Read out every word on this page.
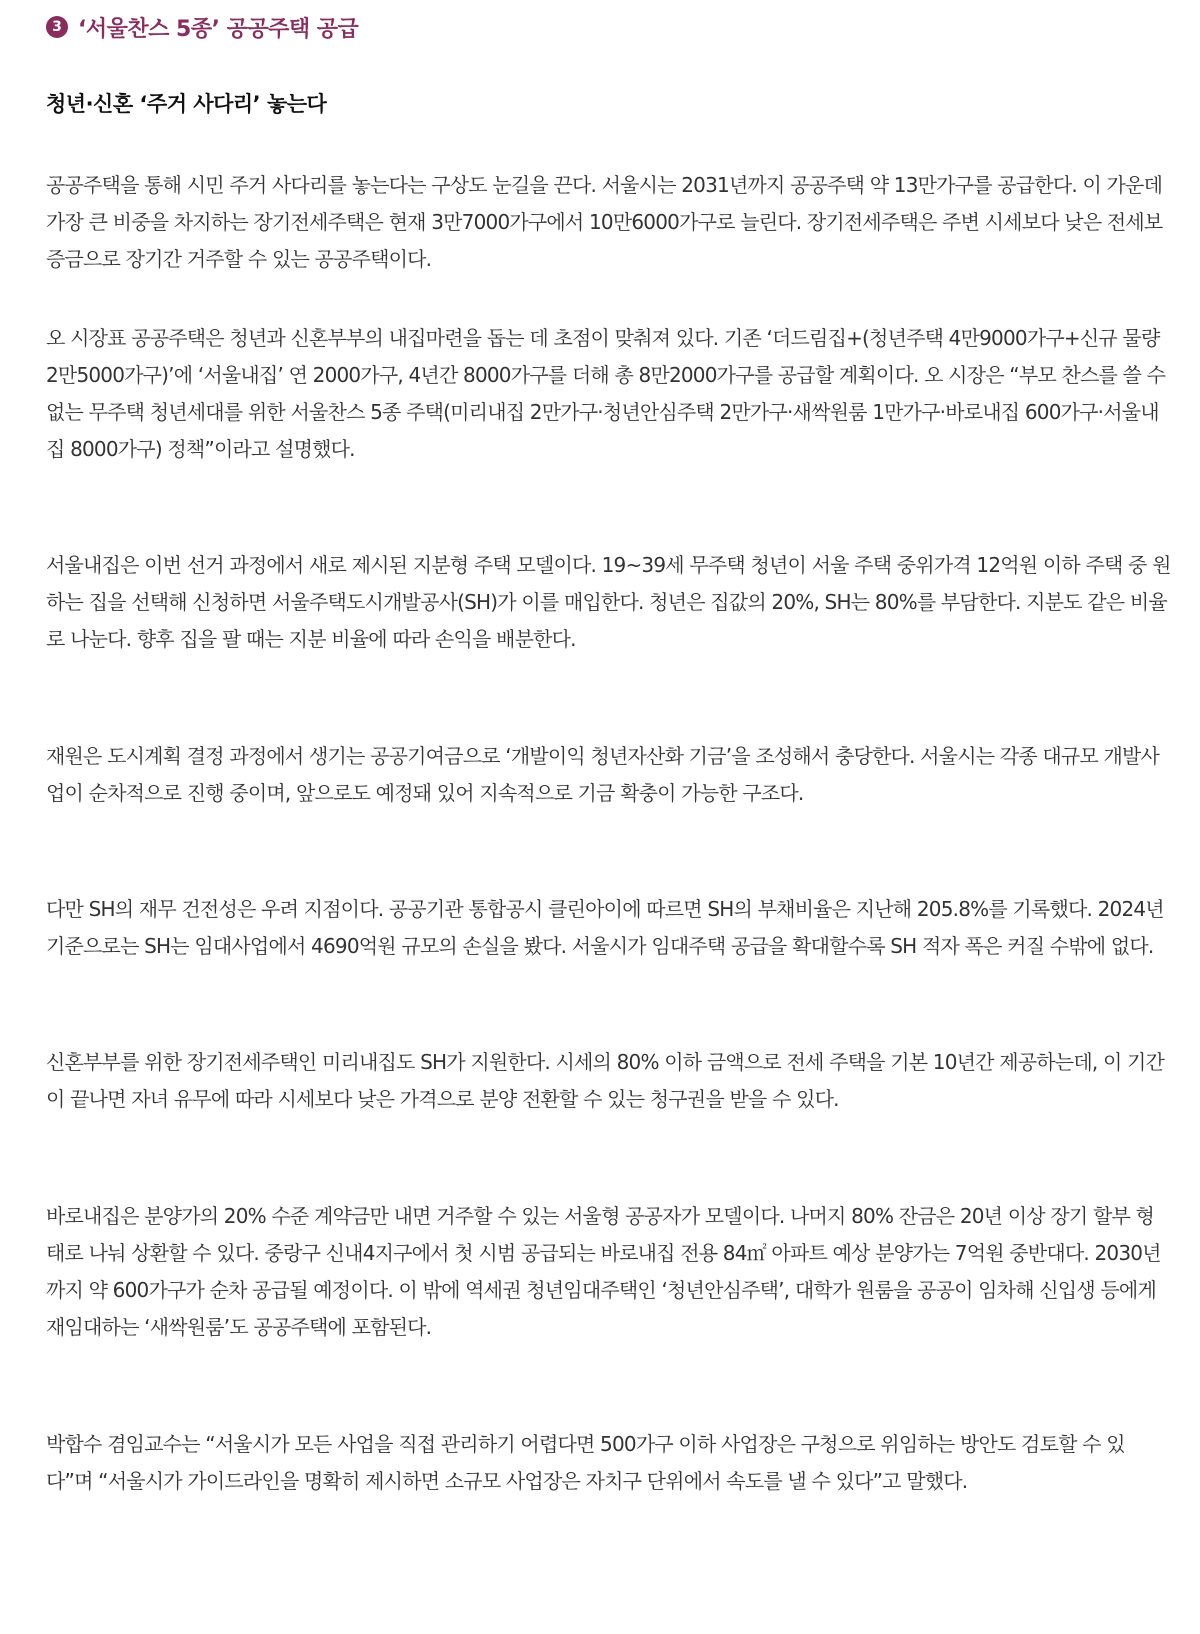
3 ‘서울찬스 5종’ 공공주택 공급
청년·신혼 ‘주거 사다리’ 놓는다

공공주택을 통해 시민 주거 사다리를 놓는다는 구상도 눈길을 끈다. 서울시는 2031년까지 공공주택 약 13만가구를 공급한다. 이 가운데 가장 큰 비중을 차지하는 장기전세주택은 현재 3만7000가구에서 10만6000가구로 늘린다. 장기전세주택은 주변 시세보다 낮은 전세보증금으로 장기간 거주할 수 있는 공공주택이다.

오 시장표 공공주택은 청년과 신혼부부의 내집마련을 돕는 데 초점이 맞춰져 있다. 기존 ‘더드림집+(청년주택 4만9000가구+신규 물량 2만5000가구)’에 ‘서울내집’ 연 2000가구, 4년간 8000가구를 더해 총 8만2000가구를 공급할 계획이다. 오 시장은 “부모 찬스를 쓸 수 없는 무주택 청년세대를 위한 서울찬스 5종 주택(미리내집 2만가구·청년안심주택 2만가구·새싹원룸 1만가구·바로내집 600가구·서울내집 8000가구) 정책”이라고 설명했다.

서울내집은 이번 선거 과정에서 새로 제시된 지분형 주택 모델이다. 19~39세 무주택 청년이 서울 주택 중위가격 12억원 이하 주택 중 원하는 집을 선택해 신청하면 서울주택도시개발공사(SH)가 이를 매입한다. 청년은 집값의 20%, SH는 80%를 부담한다. 지분도 같은 비율로 나눈다. 향후 집을 팔 때는 지분 비율에 따라 손익을 배분한다.

재원은 도시계획 결정 과정에서 생기는 공공기여금으로 ‘개발이익 청년자산화 기금’을 조성해서 충당한다. 서울시는 각종 대규모 개발사업이 순차적으로 진행 중이며, 앞으로도 예정돼 있어 지속적으로 기금 확충이 가능한 구조다.

다만 SH의 재무 건전성은 우려 지점이다. 공공기관 통합공시 클린아이에 따르면 SH의 부채비율은 지난해 205.8%를 기록했다. 2024년 기준으로는 SH는 임대사업에서 4690억원 규모의 손실을 봤다. 서울시가 임대주택 공급을 확대할수록 SH 적자 폭은 커질 수밖에 없다.

신혼부부를 위한 장기전세주택인 미리내집도 SH가 지원한다. 시세의 80% 이하 금액으로 전세 주택을 기본 10년간 제공하는데, 이 기간이 끝나면 자녀 유무에 따라 시세보다 낮은 가격으로 분양 전환할 수 있는 청구권을 받을 수 있다.

바로내집은 분양가의 20% 수준 계약금만 내면 거주할 수 있는 서울형 공공자가 모델이다. 나머지 80% 잔금은 20년 이상 장기 할부 형태로 나눠 상환할 수 있다. 중랑구 신내4지구에서 첫 시범 공급되는 바로내집 전용 84㎡ 아파트 예상 분양가는 7억원 중반대다. 2030년까지 약 600가구가 순차 공급될 예정이다. 이 밖에 역세권 청년임대주택인 ‘청년안심주택’, 대학가 원룸을 공공이 임차해 신입생 등에게 재임대하는 ‘새싹원룸’도 공공주택에 포함된다.

박합수 겸임교수는 “서울시가 모든 사업을 직접 관리하기 어렵다면 500가구 이하 사업장은 구청으로 위임하는 방안도 검토할 수 있다”며 “서울시가 가이드라인을 명확히 제시하면 소규모 사업장은 자치구 단위에서 속도를 낼 수 있다”고 말했다.
